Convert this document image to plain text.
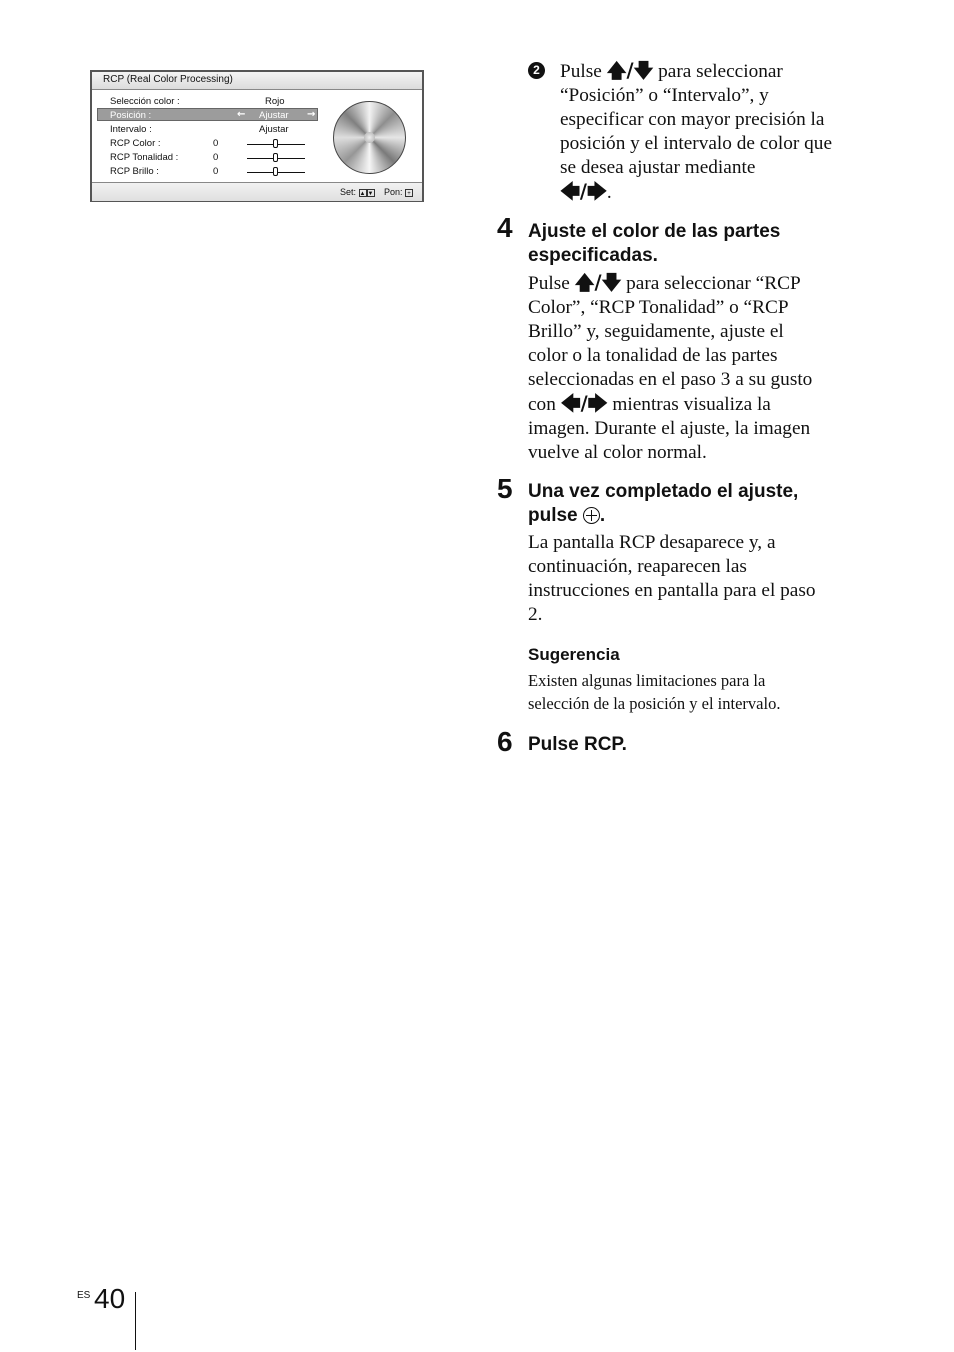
RCP (Real Color Processing)
Selección color :	Rojo
Posición :	← Ajustar →
Intervalo :	Ajustar
RCP Color :	0
RCP Tonalidad :	0
RCP Brillo :	0
Set: ▲ ▼ Pon: +
2 Pulse 🡅/🡇 para seleccionar
“Posición” o “Intervalo”, y
especificar con mayor precisión la
posición y el intervalo de color que
se desea ajustar mediante
🡄/🡆.
4 Ajuste el color de las partes
especificadas.
Pulse 🡅/🡇 para seleccionar “RCP
Color”, “RCP Tonalidad” o “RCP
Brillo” y, seguidamente, ajuste el
color o la tonalidad de las partes
seleccionadas en el paso 3 a su gusto
con 🡄/🡆 mientras visualiza la
imagen. Durante el ajuste, la imagen
vuelve al color normal.
5 Una vez completado el ajuste,
pulse .
La pantalla RCP desaparece y, a
continuación, reaparecen las
instrucciones en pantalla para el paso
2.
Sugerencia
Existen algunas limitaciones para la
selección de la posición y el intervalo.
6 Pulse RCP.
ES 40
